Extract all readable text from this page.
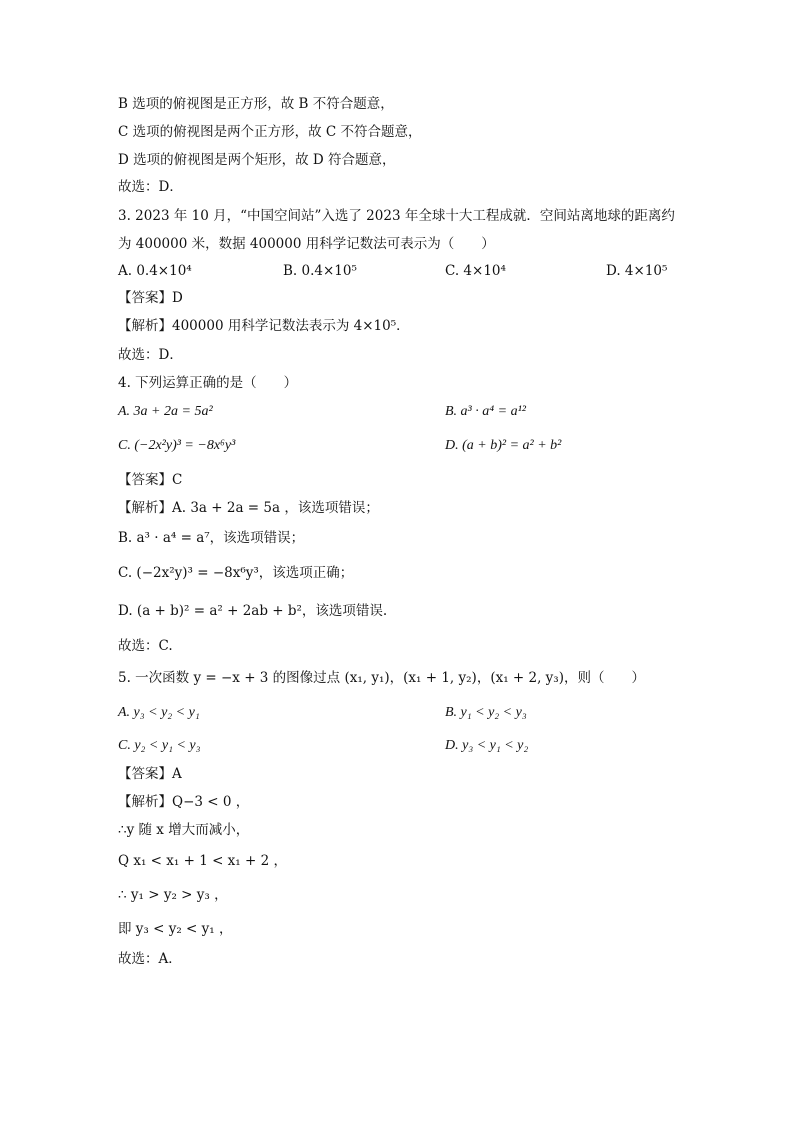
B 选项的俯视图是正方形，故 B 不符合题意，
C 选项的俯视图是两个正方形，故 C 不符合题意，
D 选项的俯视图是两个矩形，故 D 符合题意，
故选：D．
3. 2023 年 10 月，“中国空间站”入选了 2023 年全球十大工程成就．空间站离地球的距离约
为 400000 米，数据 400000 用科学记数法可表示为（　　）
A. 0.4×10⁴	B. 0.4×10⁵	C. 4×10⁴	D. 4×10⁵
【答案】D
【解析】400000 用科学记数法表示为 4×10⁵．
故选：D．
4. 下列运算正确的是（　　）
A. 3a + 2a = 5a²	B. a³ · a⁴ = a¹²
C. (−2x²y)³ = −8x⁶y³	D. (a + b)² = a² + b²
【答案】C
【解析】A. 3a + 2a = 5a ，该选项错误；
B. a³ · a⁴ = a⁷，该选项错误；
C. (−2x²y)³ = −8x⁶y³，该选项正确；
D. (a + b)² = a² + 2ab + b²，该选项错误.
故选：C.
5. 一次函数 y = −x + 3 的图像过点 (x₁, y₁)，(x₁ + 1, y₂)，(x₁ + 2, y₃)，则（　　）
A. y₃ < y₂ < y₁	B. y₁ < y₂ < y₃
C. y₂ < y₁ < y₃	D. y₃ < y₁ < y₂
【答案】A
【解析】Q−3 < 0 ，
∴y 随 x 增大而减小，
Q x₁ < x₁ + 1 < x₁ + 2 ，
∴ y₁ > y₂ > y₃ ，
即 y₃ < y₂ < y₁ ，
故选：A．
